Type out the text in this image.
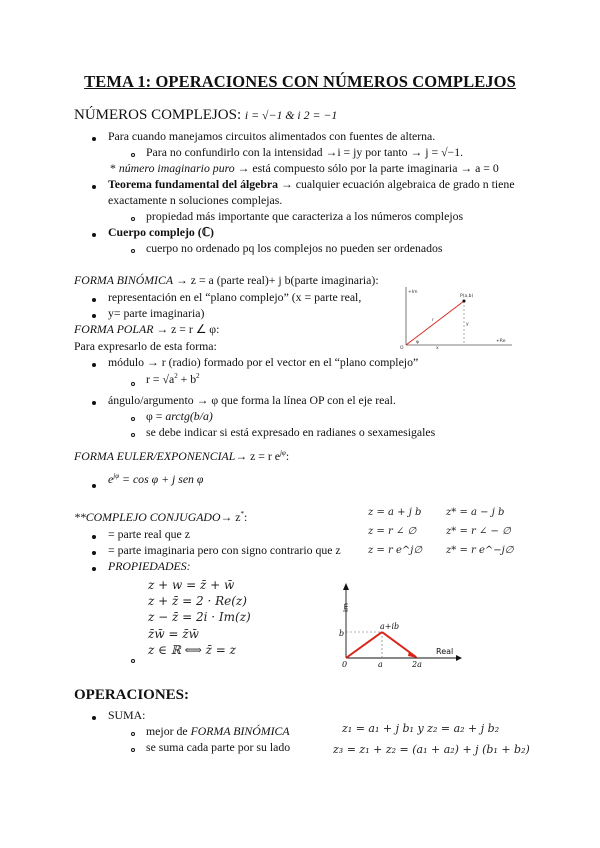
TEMA 1: OPERACIONES CON NÚMEROS COMPLEJOS
NÚMEROS COMPLEJOS: i = √−1 & i 2 = −1
Para cuando manejamos circuitos alimentados con fuentes de alterna.
Para no confundirlo con la intensidad →i = jy por tanto → j = √−1.
* número imaginario puro → está compuesto sólo por la parte imaginaria → a = 0
Teorema fundamental del álgebra → cualquier ecuación algebraica de grado n tiene
exactamente n soluciones complejas.
propiedad más importante que caracteriza a los números complejos
Cuerpo complejo (ℂ)
cuerpo no ordenado pq los complejos no pueden ser ordenados
FORMA BINÓMICA → z = a (parte real)+ j b(parte imaginaria):
representación en el “plano complejo” (x = parte real,
y= parte imaginaria)
FORMA POLAR → z = r ∠ φ:
Para expresarlo de esta forma:
módulo → r (radio) formado por el vector en el “plano complejo”
$r = √a^2 + b^2$
ángulo/argumento → φ que forma la línea OP con el eje real.
φ = arctg(b/a)
se debe indicar si está expresado en radianes o sexamesigales
FORMA EULER/EXPONENCIAL→ z = r $e^{j\varphi}$:
$e^{j\varphi} = \cos \varphi + j$ sen φ
+Im
+Re
P(a,b)
r
y
x
O
φ
**COMPLEJO CONJUGADO→ z*:
= parte real que z
= parte imaginaria pero con signo contrario que z
PROPIEDADES:
z = a + j b z* = a − j b
z = r ∠ ∅	z* = r ∠ − ∅
z = r e^j∅ z* = r e^−j∅
z + w = z̄ + w̄
z + z̄ = 2 · Re(z)
z − z̄ = 2i · Im(z)
z̄w̄ = z̄w̄
z ∈ ℝ ⟺ z̄ = z
Im
Real
b
a+ib
0	a	2a
OPERACIONES:
SUMA:
mejor de FORMA BINÓMICA
se suma cada parte por su lado
z₁ = a₁ + j b₁ y z₂ = a₂ + j b₂
z₃ = z₁ + z₂ = (a₁ + a₂) + j (b₁ + b₂)
